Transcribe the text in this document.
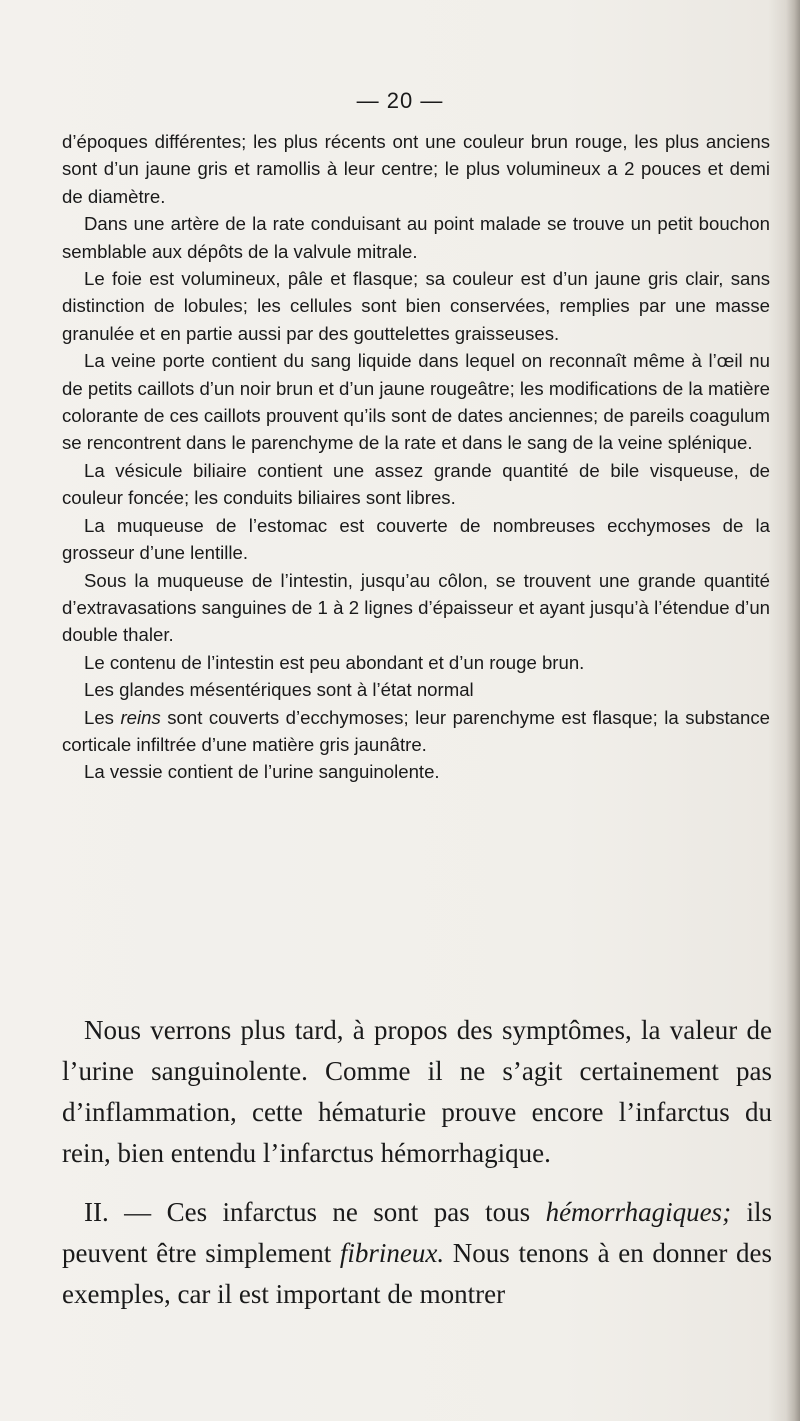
— 20 —

d’époques différentes; les plus récents ont une couleur brun rouge, les plus anciens sont d’un jaune gris et ramollis à leur centre; le plus volumineux a 2 pouces et demi de diamètre.

Dans une artère de la rate conduisant au point malade se trouve un petit bouchon semblable aux dépôts de la valvule mitrale.

Le foie est volumineux, pâle et flasque; sa couleur est d’un jaune gris clair, sans distinction de lobules; les cellules sont bien conservées, remplies par une masse granulée et en partie aussi par des gouttelettes graisseuses.

La veine porte contient du sang liquide dans lequel on reconnaît même à l’œil nu de petits caillots d’un noir brun et d’un jaune rougeâtre; les modifications de la matière colorante de ces caillots prouvent qu’ils sont de dates anciennes; de pareils coagulum se rencontrent dans le parenchyme de la rate et dans le sang de la veine splénique.

La vésicule biliaire contient une assez grande quantité de bile visqueuse, de couleur foncée; les conduits biliaires sont libres.

La muqueuse de l’estomac est couverte de nombreuses ecchymoses de la grosseur d’une lentille.

Sous la muqueuse de l’intestin, jusqu’au côlon, se trouvent une grande quantité d’extravasations sanguines de 1 à 2 lignes d’épaisseur et ayant jusqu’à l’étendue d’un double thaler.

Le contenu de l’intestin est peu abondant et d’un rouge brun.

Les glandes mésentériques sont à l’état normal

Les reins sont couverts d’ecchymoses; leur parenchyme est flasque; la substance corticale infiltrée d’une matière gris jaunâtre.

La vessie contient de l’urine sanguinolente.

Nous verrons plus tard, à propos des symptômes, la valeur de l’urine sanguinolente. Comme il ne s’agit certainement pas d’inflammation, cette hématurie prouve encore l’infarctus du rein, bien entendu l’infarctus hémorrhagique.

II. — Ces infarctus ne sont pas tous hémorrhagiques; ils peuvent être simplement fibrineux. Nous tenons à en donner des exemples, car il est important de montrer
